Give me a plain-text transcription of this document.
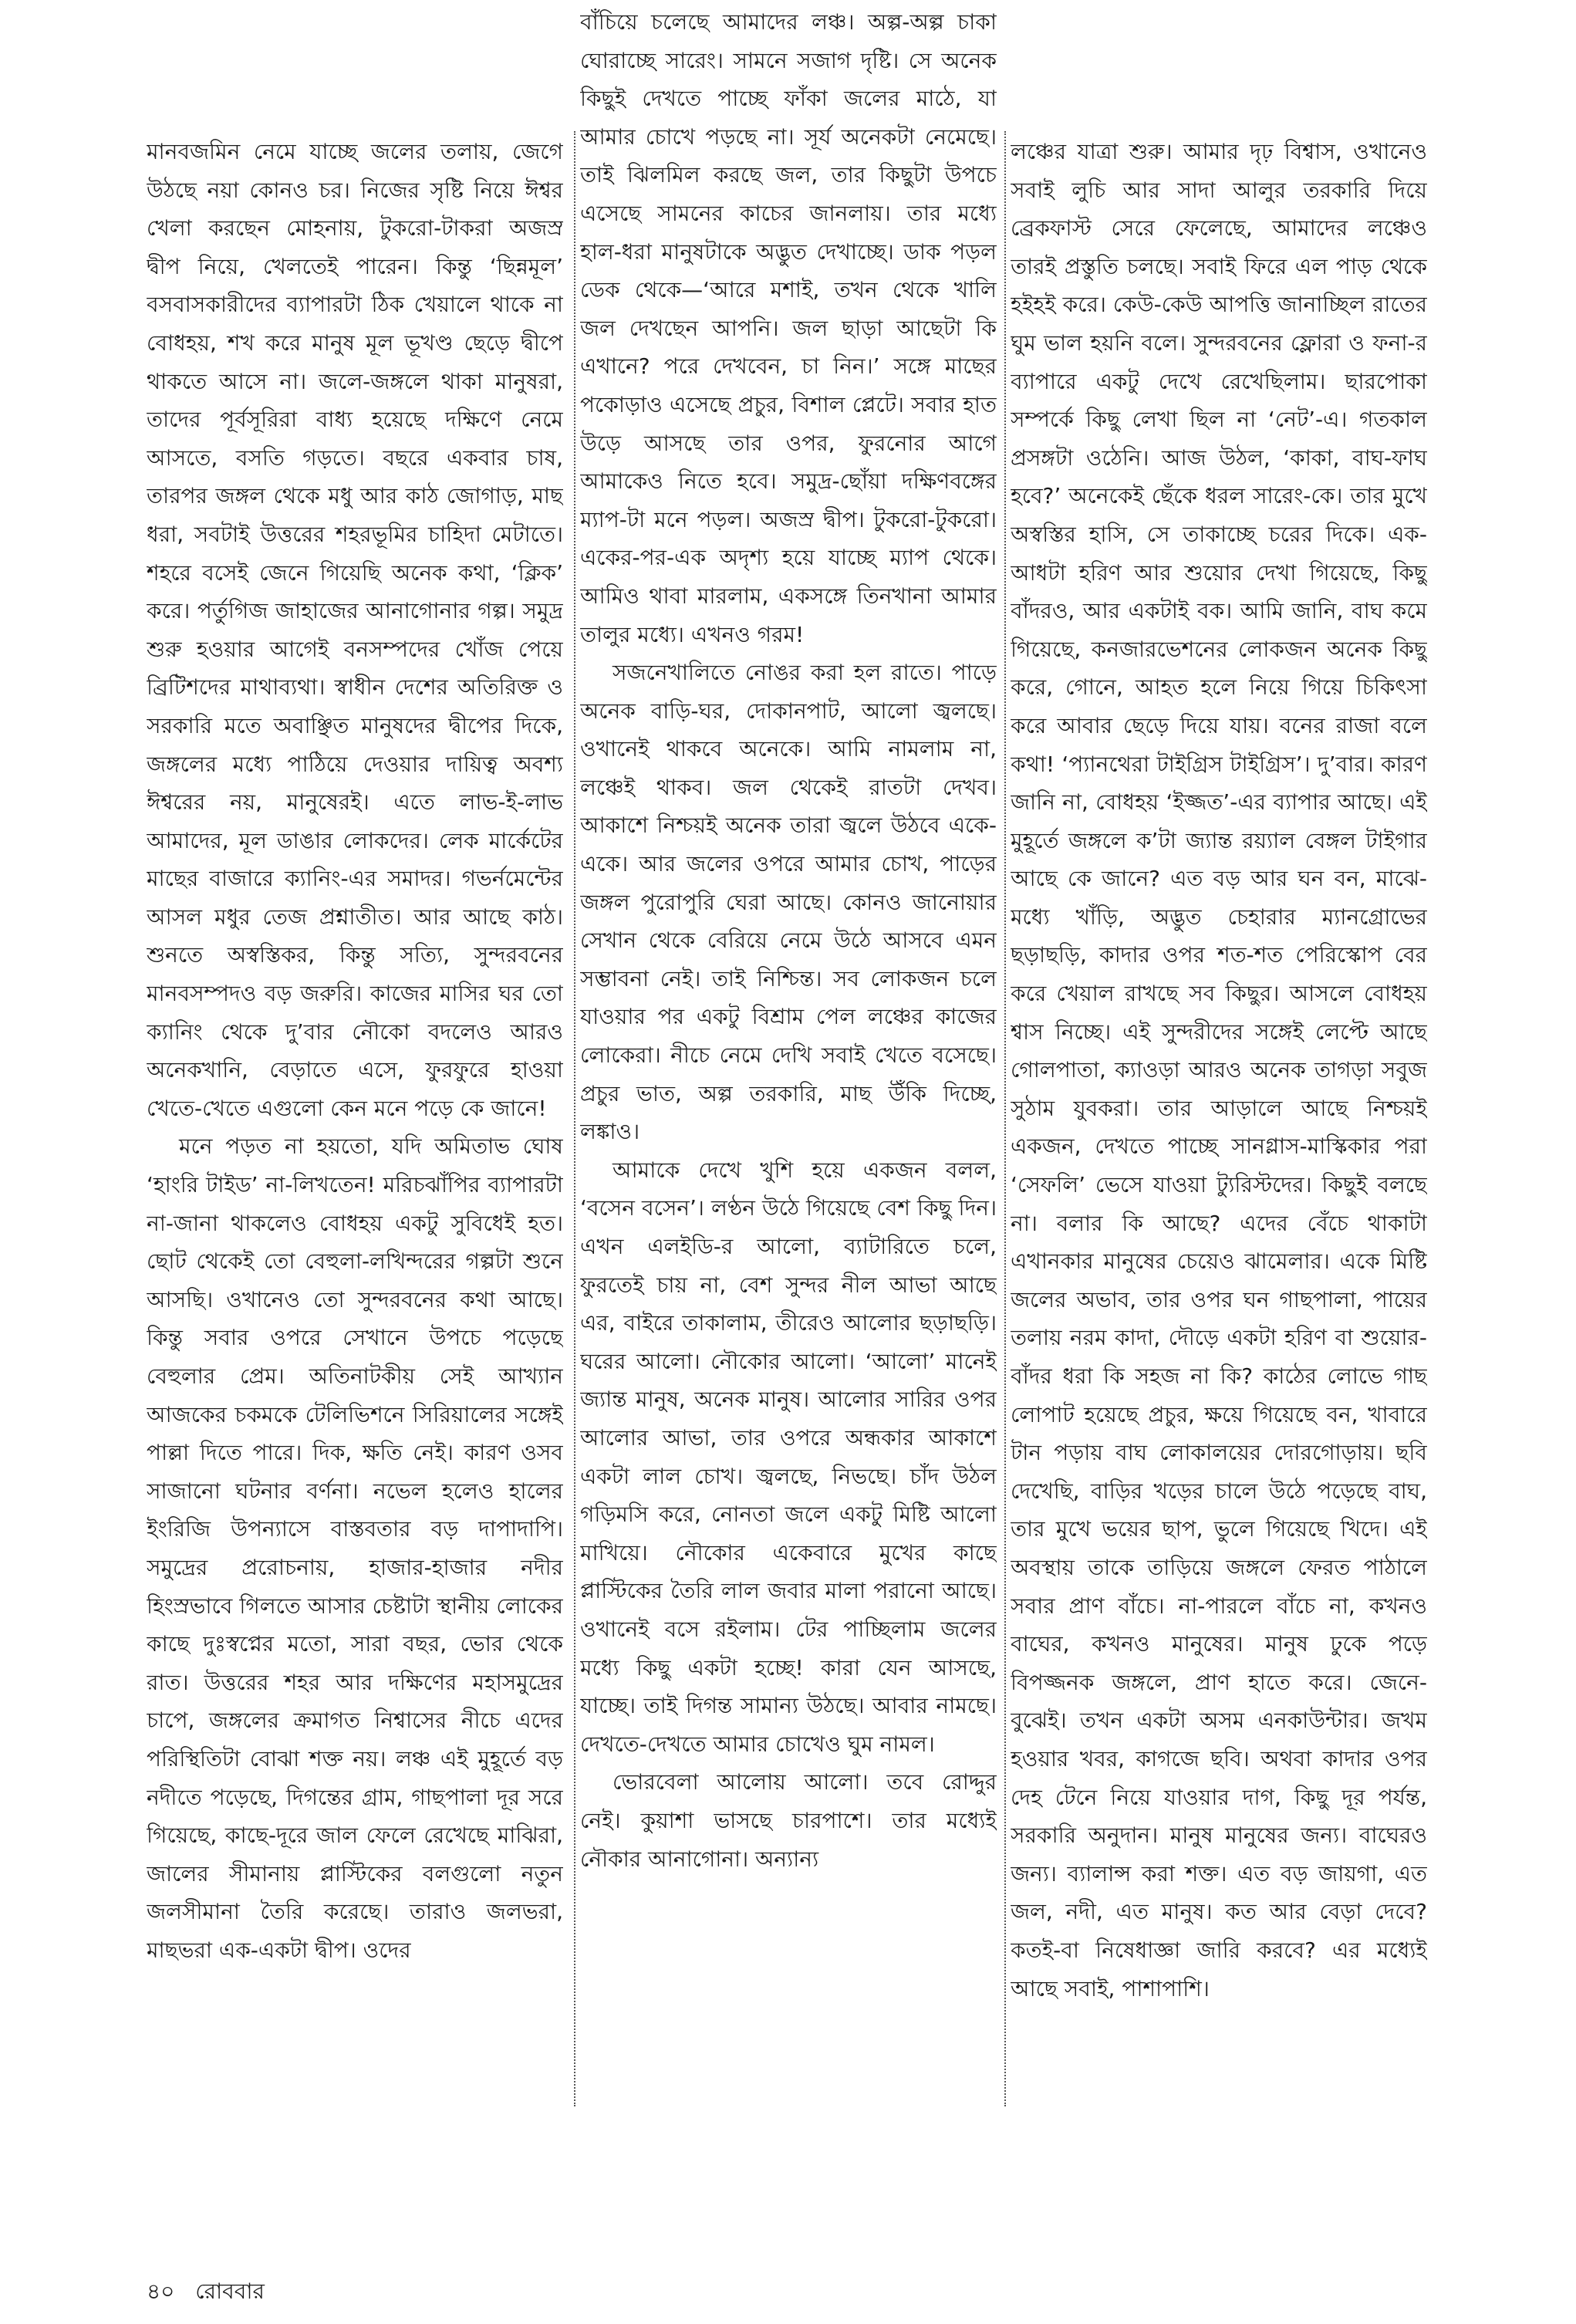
মানবজমিন নেমে যাচ্ছে জলের তলায়, জেগে উঠছে নয়া কোনও চর। নিজের সৃষ্টি নিয়ে ঈশ্বর খেলা করছেন মোহনায়, টুকরো-টাকরা অজস্র দ্বীপ নিয়ে, খেলতেই পারেন। কিন্তু ‘ছিন্নমূল’ বসবাসকারীদের ব্যাপারটা ঠিক খেয়ালে থাকে না বোধহয়, শখ করে মানুষ মূল ভূখণ্ড ছেড়ে দ্বীপে থাকতে আসে না। জলে-জঙ্গলে থাকা মানুষরা, তাদের পূর্বসূরিরা বাধ্য হয়েছে দক্ষিণে নেমে আসতে, বসতি গড়তে। বছরে একবার চাষ, তারপর জঙ্গল থেকে মধু আর কাঠ জোগাড়, মাছ ধরা, সবটাই উত্তরের শহরভূমির চাহিদা মেটাতে। শহরে বসেই জেনে গিয়েছি অনেক কথা, ‘ক্লিক’ করে। পর্তুগিজ জাহাজের আনাগোনার গল্প। সমুদ্র শুরু হওয়ার আগেই বনসম্পদের খোঁজ পেয়ে ব্রিটিশদের মাথাব্যথা। স্বাধীন দেশের অতিরিক্ত ও সরকারি মতে অবাঞ্ছিত মানুষদের দ্বীপের দিকে, জঙ্গলের মধ্যে পাঠিয়ে দেওয়ার দায়িত্ব অবশ্য ঈশ্বরের নয়, মানুষেরই। এতে লাভ-ই-লাভ আমাদের, মূল ডাঙার লোকদের। লেক মার্কেটের মাছের বাজারে ক্যানিং-এর সমাদর। গভর্নমেন্টের আসল মধুর তেজ প্রশ্নাতীত। আর আছে কাঠ। শুনতে অস্বস্তিকর, কিন্তু সত্যি, সুন্দরবনের মানবসম্পদও বড় জরুরি। কাজের মাসির ঘর তো ক্যানিং থেকে দু’বার নৌকো বদলেও আরও অনেকখানি, বেড়াতে এসে, ফুরফুরে হাওয়া খেতে-খেতে এগুলো কেন মনে পড়ে কে জানে!

মনে পড়ত না হয়তো, যদি অমিতাভ ঘোষ ‘হাংরি টাইড’ না-লিখতেন! মরিচঝাঁপির ব্যাপারটা না-জানা থাকলেও বোধহয় একটু সুবিধেই হত। ছোট থেকেই তো বেহুলা-লখিন্দরের গল্পটা শুনে আসছি। ওখানেও তো সুন্দরবনের কথা আছে। কিন্তু সবার ওপরে সেখানে উপচে পড়েছে বেহুলার প্রেম। অতিনাটকীয় সেই আখ্যান আজকের চকমকে টেলিভিশনে সিরিয়ালের সঙ্গেই পাল্লা দিতে পারে। দিক, ক্ষতি নেই। কারণ ওসব সাজানো ঘটনার বর্ণনা। নভেল হলেও হালের ইংরিজি উপন্যাসে বাস্তবতার বড় দাপাদাপি। সমুদ্রের প্ররোচনায়, হাজার-হাজার নদীর হিংস্রভাবে গিলতে আসার চেষ্টাটা স্থানীয় লোকের কাছে দুঃস্বপ্নের মতো, সারা বছর, ভোর থেকে রাত। উত্তরের শহর আর দক্ষিণের মহাসমুদ্রের চাপে, জঙ্গলের ক্রমাগত নিশ্বাসের নীচে এদের পরিস্থিতিটা বোঝা শক্ত নয়। লঞ্চ এই মুহূর্তে বড় নদীতে পড়েছে, দিগন্তের গ্রাম, গাছপালা দূর সরে গিয়েছে, কাছে-দূরে জাল ফেলে রেখেছে মাঝিরা, জালের সীমানায় প্লাস্টিকের বলগুলো নতুন জলসীমানা তৈরি করেছে। তারাও জলভরা, মাছভরা এক-একটা দ্বীপ। ওদের

বাঁচিয়ে চলেছে আমাদের লঞ্চ। অল্প-অল্প চাকা ঘোরাচ্ছে সারেং। সামনে সজাগ দৃষ্টি। সে অনেক কিছুই দেখতে পাচ্ছে ফাঁকা জলের মাঠে, যা আমার চোখে পড়ছে না। সূর্য অনেকটা নেমেছে। তাই ঝিলমিল করছে জল, তার কিছুটা উপচে এসেছে সামনের কাচের জানলায়। তার মধ্যে হাল-ধরা মানুষটাকে অদ্ভুত দেখাচ্ছে। ডাক পড়ল ডেক থেকে—‘আরে মশাই, তখন থেকে খালি জল দেখছেন আপনি। জল ছাড়া আছেটা কি এখানে? পরে দেখবেন, চা নিন।’ সঙ্গে মাছের পকোড়াও এসেছে প্রচুর, বিশাল প্লেটে। সবার হাত উড়ে আসছে তার ওপর, ফুরনোর আগে আমাকেও নিতে হবে। সমুদ্র-ছোঁয়া দক্ষিণবঙ্গের ম্যাপ-টা মনে পড়ল। অজস্র দ্বীপ। টুকরো-টুকরো। একের-পর-এক অদৃশ্য হয়ে যাচ্ছে ম্যাপ থেকে। আমিও থাবা মারলাম, একসঙ্গে তিনখানা আমার তালুর মধ্যে। এখনও গরম!

সজনেখালিতে নোঙর করা হল রাতে। পাড়ে অনেক বাড়ি-ঘর, দোকানপাট, আলো জ্বলছে। ওখানেই থাকবে অনেকে। আমি নামলাম না, লঞ্চেই থাকব। জল থেকেই রাতটা দেখব। আকাশে নিশ্চয়ই অনেক তারা জ্বলে উঠবে একে-একে। আর জলের ওপরে আমার চোখ, পাড়ের জঙ্গল পুরোপুরি ঘেরা আছে। কোনও জানোয়ার সেখান থেকে বেরিয়ে নেমে উঠে আসবে এমন সম্ভাবনা নেই। তাই নিশ্চিন্ত। সব লোকজন চলে যাওয়ার পর একটু বিশ্রাম পেল লঞ্চের কাজের লোকেরা। নীচে নেমে দেখি সবাই খেতে বসেছে। প্রচুর ভাত, অল্প তরকারি, মাছ উঁকি দিচ্ছে, লঙ্কাও।

আমাকে দেখে খুশি হয়ে একজন বলল, ‘বসেন বসেন’। লণ্ঠন উঠে গিয়েছে বেশ কিছু দিন। এখন এলইডি-র আলো, ব্যাটারিতে চলে, ফুরতেই চায় না, বেশ সুন্দর নীল আভা আছে এর, বাইরে তাকালাম, তীরেও আলোর ছড়াছড়ি। ঘরের আলো। নৌকোর আলো। ‘আলো’ মানেই জ্যান্ত মানুষ, অনেক মানুষ। আলোর সারির ওপর আলোর আভা, তার ওপরে অন্ধকার আকাশে একটা লাল চোখ। জ্বলছে, নিভছে। চাঁদ উঠল গড়িমসি করে, নোনতা জলে একটু মিষ্টি আলো মাখিয়ে। নৌকোর একেবারে মুখের কাছে প্লাস্টিকের তৈরি লাল জবার মালা পরানো আছে। ওখানেই বসে রইলাম। টের পাচ্ছিলাম জলের মধ্যে কিছু একটা হচ্ছে! কারা যেন আসছে, যাচ্ছে। তাই দিগন্ত সামান্য উঠছে। আবার নামছে। দেখতে-দেখতে আমার চোখেও ঘুম নামল।

ভোরবেলা আলোয় আলো। তবে রোদ্দুর নেই। কুয়াশা ভাসছে চারপাশে। তার মধ্যেই নৌকার আনাগোনা। অন্যান্য

লঞ্চের যাত্রা শুরু। আমার দৃঢ় বিশ্বাস, ওখানেও সবাই লুচি আর সাদা আলুর তরকারি দিয়ে ব্রেকফাস্ট সেরে ফেলেছে, আমাদের লঞ্চেও তারই প্রস্তুতি চলছে। সবাই ফিরে এল পাড় থেকে হইহই করে। কেউ-কেউ আপত্তি জানাচ্ছিল রাতের ঘুম ভাল হয়নি বলে। সুন্দরবনের ফ্লোরা ও ফনা-র ব্যাপারে একটু দেখে রেখেছিলাম। ছারপোকা সম্পর্কে কিছু লেখা ছিল না ‘নেট’-এ। গতকাল প্রসঙ্গটা ওঠেনি। আজ উঠল, ‘কাকা, বাঘ-ফাঘ হবে?’ অনেকেই ছেঁকে ধরল সারেং-কে। তার মুখে অস্বস্তির হাসি, সে তাকাচ্ছে চরের দিকে। এক-আধটা হরিণ আর শুয়োর দেখা গিয়েছে, কিছু বাঁদরও, আর একটাই বক। আমি জানি, বাঘ কমে গিয়েছে, কনজারভেশনের লোকজন অনেক কিছু করে, গোনে, আহত হলে নিয়ে গিয়ে চিকিৎসা করে আবার ছেড়ে দিয়ে যায়। বনের রাজা বলে কথা! ‘প্যানথেরা টাইগ্রিস টাইগ্রিস’। দু’বার। কারণ জানি না, বোধহয় ‘ইজ্জত’-এর ব্যাপার আছে। এই মুহূর্তে জঙ্গলে ক’টা জ্যান্ত রয়্যাল বেঙ্গল টাইগার আছে কে জানে? এত বড় আর ঘন বন, মাঝে-মধ্যে খাঁড়ি, অদ্ভুত চেহারার ম্যানগ্রোভের ছড়াছড়ি, কাদার ওপর শত-শত পেরিস্কোপ বের করে খেয়াল রাখছে সব কিছুর। আসলে বোধহয় শ্বাস নিচ্ছে। এই সুন্দরীদের সঙ্গেই লেপ্টে আছে গোলপাতা, ক্যাওড়া আরও অনেক তাগড়া সবুজ সুঠাম যুবকরা। তার আড়ালে আছে নিশ্চয়ই একজন, দেখতে পাচ্ছে সানগ্লাস-মাস্কিকার পরা ‘সেফলি’ ভেসে যাওয়া ট্যুরিস্টদের। কিছুই বলছে না। বলার কি আছে? এদের বেঁচে থাকাটা এখানকার মানুষের চেয়েও ঝামেলার। একে মিষ্টি জলের অভাব, তার ওপর ঘন গাছপালা, পায়ের তলায় নরম কাদা, দৌড়ে একটা হরিণ বা শুয়োর-বাঁদর ধরা কি সহজ না কি? কাঠের লোভে গাছ লোপাট হয়েছে প্রচুর, ক্ষয়ে গিয়েছে বন, খাবারে টান পড়ায় বাঘ লোকালয়ের দোরগোড়ায়। ছবি দেখেছি, বাড়ির খড়ের চালে উঠে পড়েছে বাঘ, তার মুখে ভয়ের ছাপ, ভুলে গিয়েছে খিদে। এই অবস্থায় তাকে তাড়িয়ে জঙ্গলে ফেরত পাঠালে সবার প্রাণ বাঁচে। না-পারলে বাঁচে না, কখনও বাঘের, কখনও মানুষের। মানুষ ঢুকে পড়ে বিপজ্জনক জঙ্গলে, প্রাণ হাতে করে। জেনে-বুঝেই। তখন একটা অসম এনকাউন্টার। জখম হওয়ার খবর, কাগজে ছবি। অথবা কাদার ওপর দেহ টেনে নিয়ে যাওয়ার দাগ, কিছু দূর পর্যন্ত, সরকারি অনুদান। মানুষ মানুষের জন্য। বাঘেরও জন্য। ব্যালান্স করা শক্ত। এত বড় জায়গা, এত জল, নদী, এত মানুষ। কত আর বেড়া দেবে? কতই-বা নিষেধাজ্ঞা জারি করবে? এর মধ্যেই আছে সবাই, পাশাপাশি।

৪০ রোববার
